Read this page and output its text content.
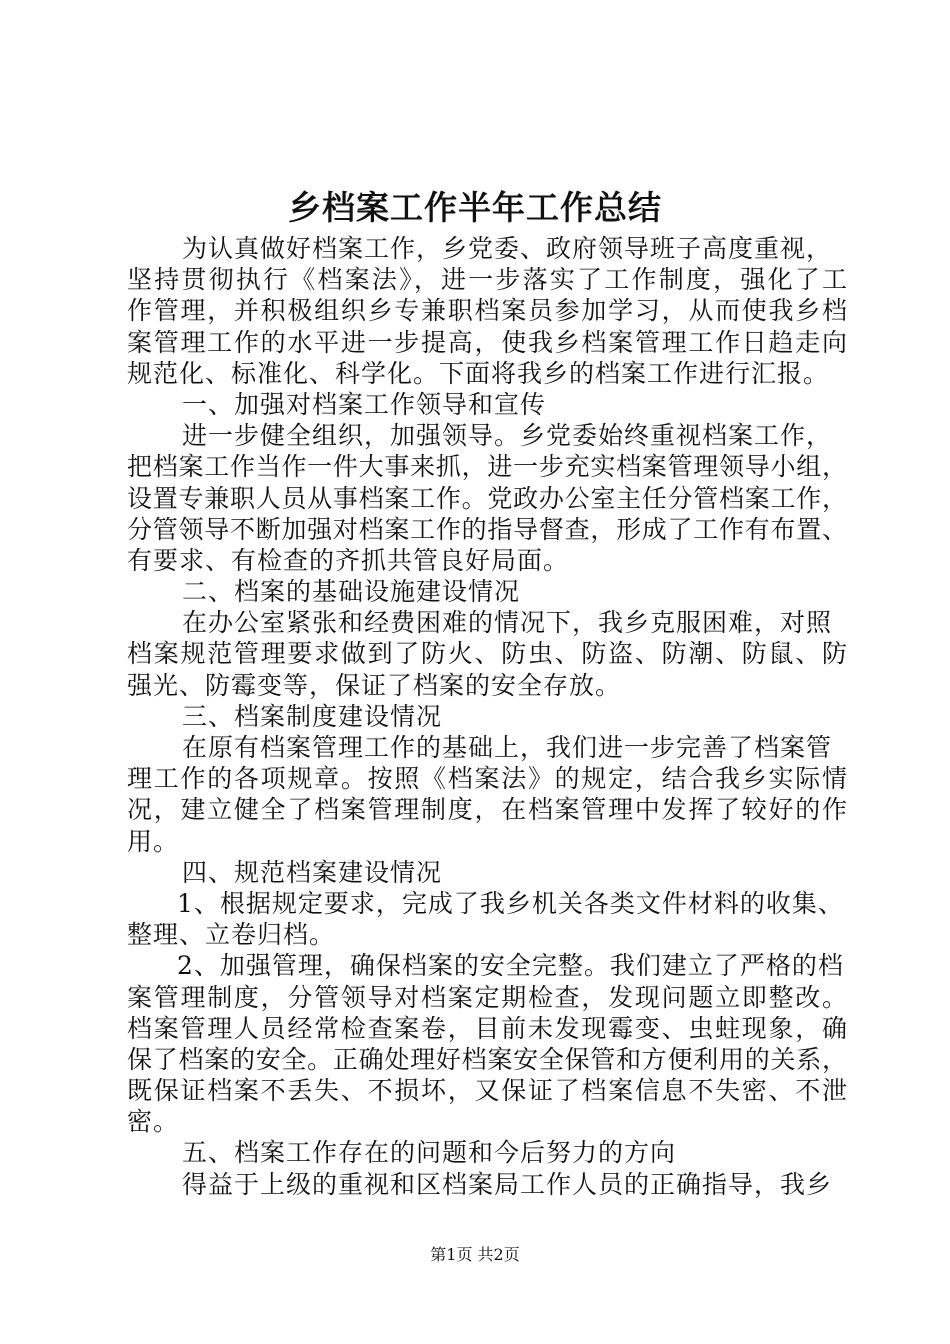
乡档案工作半年工作总结
为认真做好档案工作，乡党委、政府领导班子高度重视，
坚持贯彻执行《档案法》，进一步落实了工作制度，强化了工
作管理，并积极组织乡专兼职档案员参加学习，从而使我乡档
案管理工作的水平进一步提高，使我乡档案管理工作日趋走向
规范化、标准化、科学化。下面将我乡的档案工作进行汇报。
一、加强对档案工作领导和宣传
进一步健全组织，加强领导。乡党委始终重视档案工作，
把档案工作当作一件大事来抓，进一步充实档案管理领导小组，
设置专兼职人员从事档案工作。党政办公室主任分管档案工作，
分管领导不断加强对档案工作的指导督查，形成了工作有布置、
有要求、有检查的齐抓共管良好局面。
二、档案的基础设施建设情况
在办公室紧张和经费困难的情况下，我乡克服困难，对照
档案规范管理要求做到了防火、防虫、防盗、防潮、防鼠、防
强光、防霉变等，保证了档案的安全存放。
三、档案制度建设情况
在原有档案管理工作的基础上，我们进一步完善了档案管
理工作的各项规章。按照《档案法》的规定，结合我乡实际情
况，建立健全了档案管理制度，在档案管理中发挥了较好的作
用。
四、规范档案建设情况
1、根据规定要求，完成了我乡机关各类文件材料的收集、
整理、立卷归档。
2、加强管理，确保档案的安全完整。我们建立了严格的档
案管理制度，分管领导对档案定期检查，发现问题立即整改。
档案管理人员经常检查案卷，目前未发现霉变、虫蛀现象，确
保了档案的安全。正确处理好档案安全保管和方便利用的关系，
既保证档案不丢失、不损坏，又保证了档案信息不失密、不泄
密。
五、档案工作存在的问题和今后努力的方向
得益于上级的重视和区档案局工作人员的正确指导，我乡
第1页 共2页
